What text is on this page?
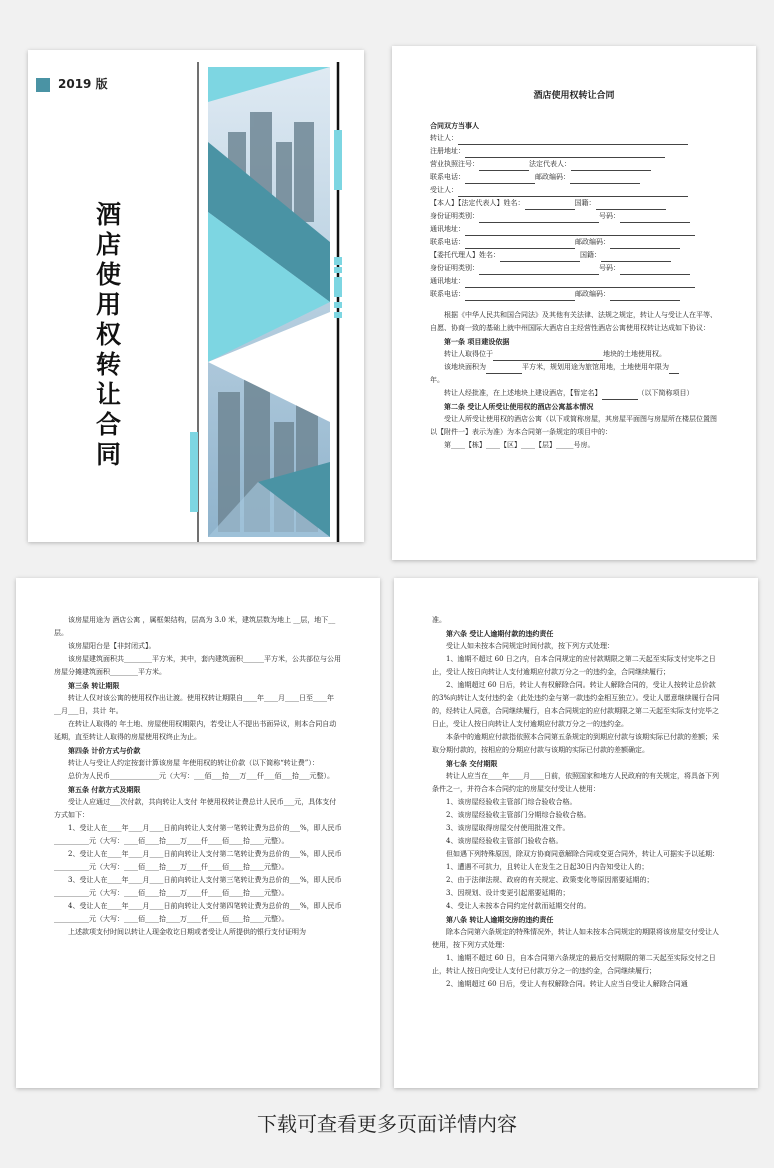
2019 版
酒
店
使
用
权
转
让
合
同
酒店使用权转让合同
合同双方当事人
转让人：
注册地址：
营业执照注号：	法定代表人：
联系电话：	邮政编码：
受让人：
【本人】【法定代表人】姓名：	国籍：
身份证明类别：	号码：
通讯地址：
联系电话：	邮政编码：
【委托代理人】姓名：	国籍：
身份证明类别：	号码：
通讯地址：
联系电话：	邮政编码：
根据《中华人民共和国合同法》及其他有关法律、法规之规定，转让人与受让人在平等、自愿、协商一致的基础上就中州国际大酒店自主经营性酒店公寓使用权转让达成如下协议：
第一条 项目建设依据
转让人取得位于	地块的土地使用权。
该地块面积为	平方米，规划用途为旅馆用地，土地使用年限为
年。
转让人经批准，在上述地块上建设酒店，【暂定名】	（以下简称项目）
第二条 受让人所受让使用权的酒店公寓基本情况
受让人所受让使用权的酒店公寓（以下或简称房屋，其房屋平面图与房屋所在楼层位置图以【附件一】表示为准）为本合同第一条规定的项目中的：
第____【栋】____【区】____【层】_____号房。
该房屋用途为 酒店公寓 ，属框架结构，层高为 3.0 米，建筑层数为地上 __层，地下__层。
该房屋阳台是【非封闭式】。
该房屋建筑面积共________平方米，其中，套内建筑面积______平方米，公共部位与公用房屋分摊建筑面积________平方米。
第三条 转让期限
转让人仅对该公寓的使用权作出让渡。使用权转让期限自____年____月____日至____年 __月___日，共计 年。
在转让人取得的 年土地、房屋使用权期限内，若受让人不提出书面异议，则本合同自动延期，直至转让人取得的房屋使用权终止为止。
第四条 计价方式与价款
转让人与受让人约定按套计算该房屋 年使用权的转让价款（以下简称“转让费”）：
总价为人民币______________元（大写：___佰___拾___万___仟___佰___拾___元整）。
第五条 付款方式及期限
受让人应通过___次付款，共向转让人支付 年使用权转让费总计人民币___元，具体支付方式如下：
1、受让人在____年____月____日前向转让人支付第一笔转让费为总价的___%，即人民币__________元（大写：____佰____拾____万____仟____佰____拾____元整）。
2、受让人在____年____月____日前向转让人支付第二笔转让费为总价的___%，即人民币__________元（大写：____佰____拾____万____仟____佰____拾____元整）。
3、受让人在____年____月____日前向转让人支付第三笔转让费为总价的___%，即人民币__________元（大写：____佰____拾____万____仟____佰____拾____元整）。
4、受让人在____年____月____日前向转让人支付第四笔转让费为总价的___%，即人民币__________元（大写：____佰____拾____万____仟____佰____拾____元整）。
上述款项支付时间以转让人现金收讫日期或者受让人所提供的银行支付证明为
准。
第六条 受让人逾期付款的违约责任
受让人如未按本合同规定时间付款，按下列方式处理：
1、逾期不超过 60 日之内，自本合同规定的应付款期限之第二天起至实际支付完毕之日止，受让人按日向转让人支付逾期应付款万分之一的违约金，合同继续履行；
2、逾期超过 60 日后，转让人有权解除合同。转让人解除合同的，受让人按转让总价款的3%向转让人支付违约金（此处违约金与第一款违约金相互独立）。受让人愿意继续履行合同的，经转让人同意，合同继续履行，自本合同规定的应付款期限之第二天起至实际支付完毕之日止，受让人按日向转让人支付逾期应付款万分之一的违约金。
本条中的逾期应付款指依照本合同第五条规定的到期应付款与该期实际已付款的差额；采取分期付款的，按相应的分期应付款与该期的实际已付款的差额确定。
第七条 交付期限
转让人应当在____年____月____日前，依照国家和地方人民政府的有关规定，将具备下列条件之一，并符合本合同约定的房屋交付受让人使用：
1、该房屋经验收主管部门综合验收合格。
2、该房屋经验收主管部门分期综合验收合格。
3、该房屋取得房屋交付使用批准文件。
4、该房屋经验收主管部门验收合格。
但如遇下列特殊原因，除双方协商同意解除合同或变更合同外，转让人可据实予以延期：
1、遭遇不可抗力，且转让人在发生之日起30日内告知受让人的；
2、由于法律法规、政府的有关规定、政策变化等原因需要延期的；
3、因规划、设计变更引起需要延期的；
4、受让人未按本合同约定付款而延期交付的。
第八条 转让人逾期交房的违约责任
除本合同第六条规定的特殊情况外，转让人如未按本合同规定的期限将该房屋交付受让人使用，按下列方式处理：
1、逾期不超过 60 日，自本合同第六条规定的最后交付期限的第二天起至实际交付之日止，转让人按日向受让人支付已付款万分之一的违约金，合同继续履行；
2、逾期超过 60 日后，受让人有权解除合同。转让人应当自受让人解除合同通
下载可查看更多页面详情内容
